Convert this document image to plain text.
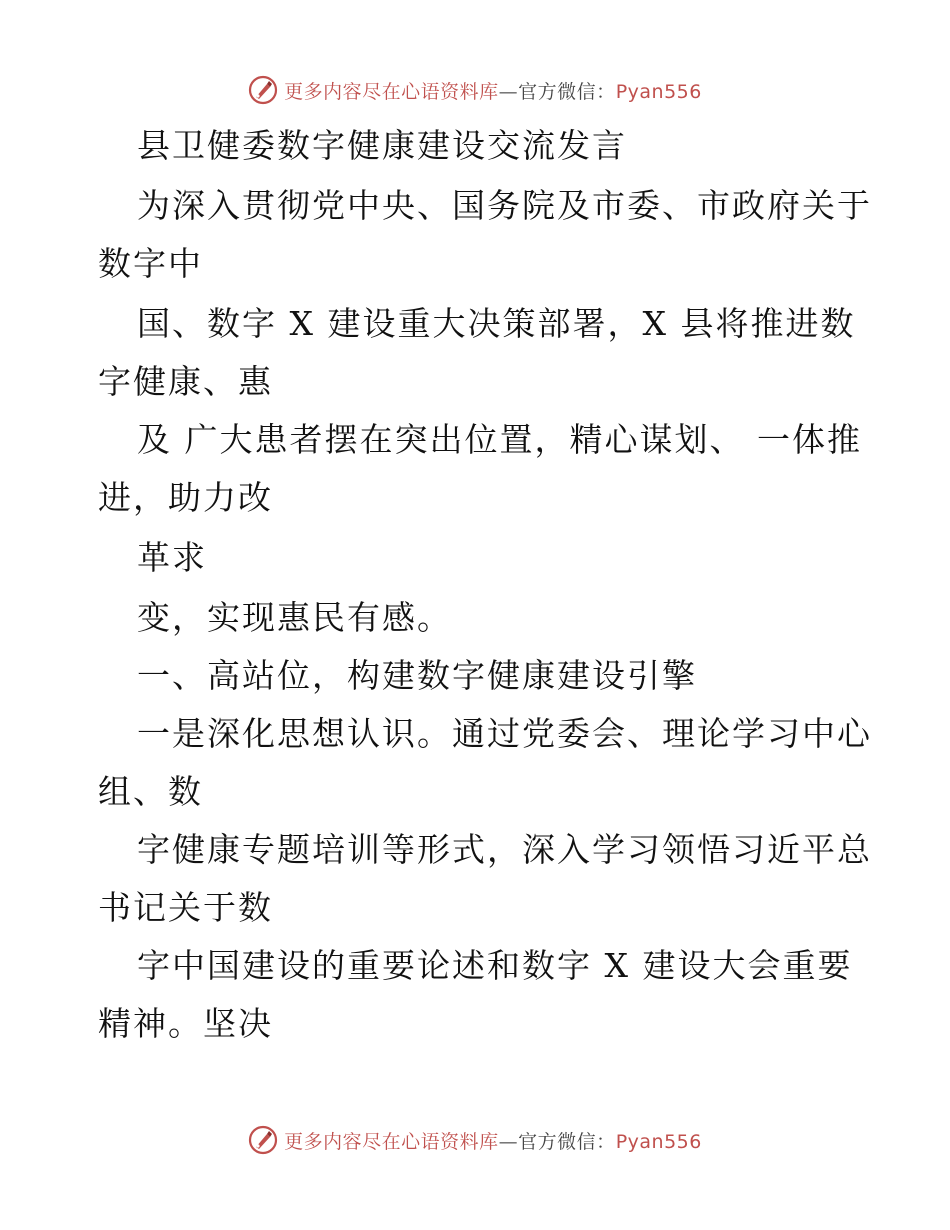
更多内容尽在心语资料库—官方微信：Pyan556
县卫健委数字健康建设交流发言
为深入贯彻党中央、国务院及市委、市政府关于
数字中
国、数字 X 建设重大决策部署，X 县将推进数
字健康、惠
及 广大患者摆在突出位置，精心谋划、 一体推
进，助力改
革求
变，实现惠民有感。
一、高站位，构建数字健康建设引擎
一是深化思想认识。通过党委会、理论学习中心
组、数
字健康专题培训等形式，深入学习领悟习近平总
书记关于数
字中国建设的重要论述和数字 X 建设大会重要
精神。坚决
更多内容尽在心语资料库—官方微信：Pyan556
